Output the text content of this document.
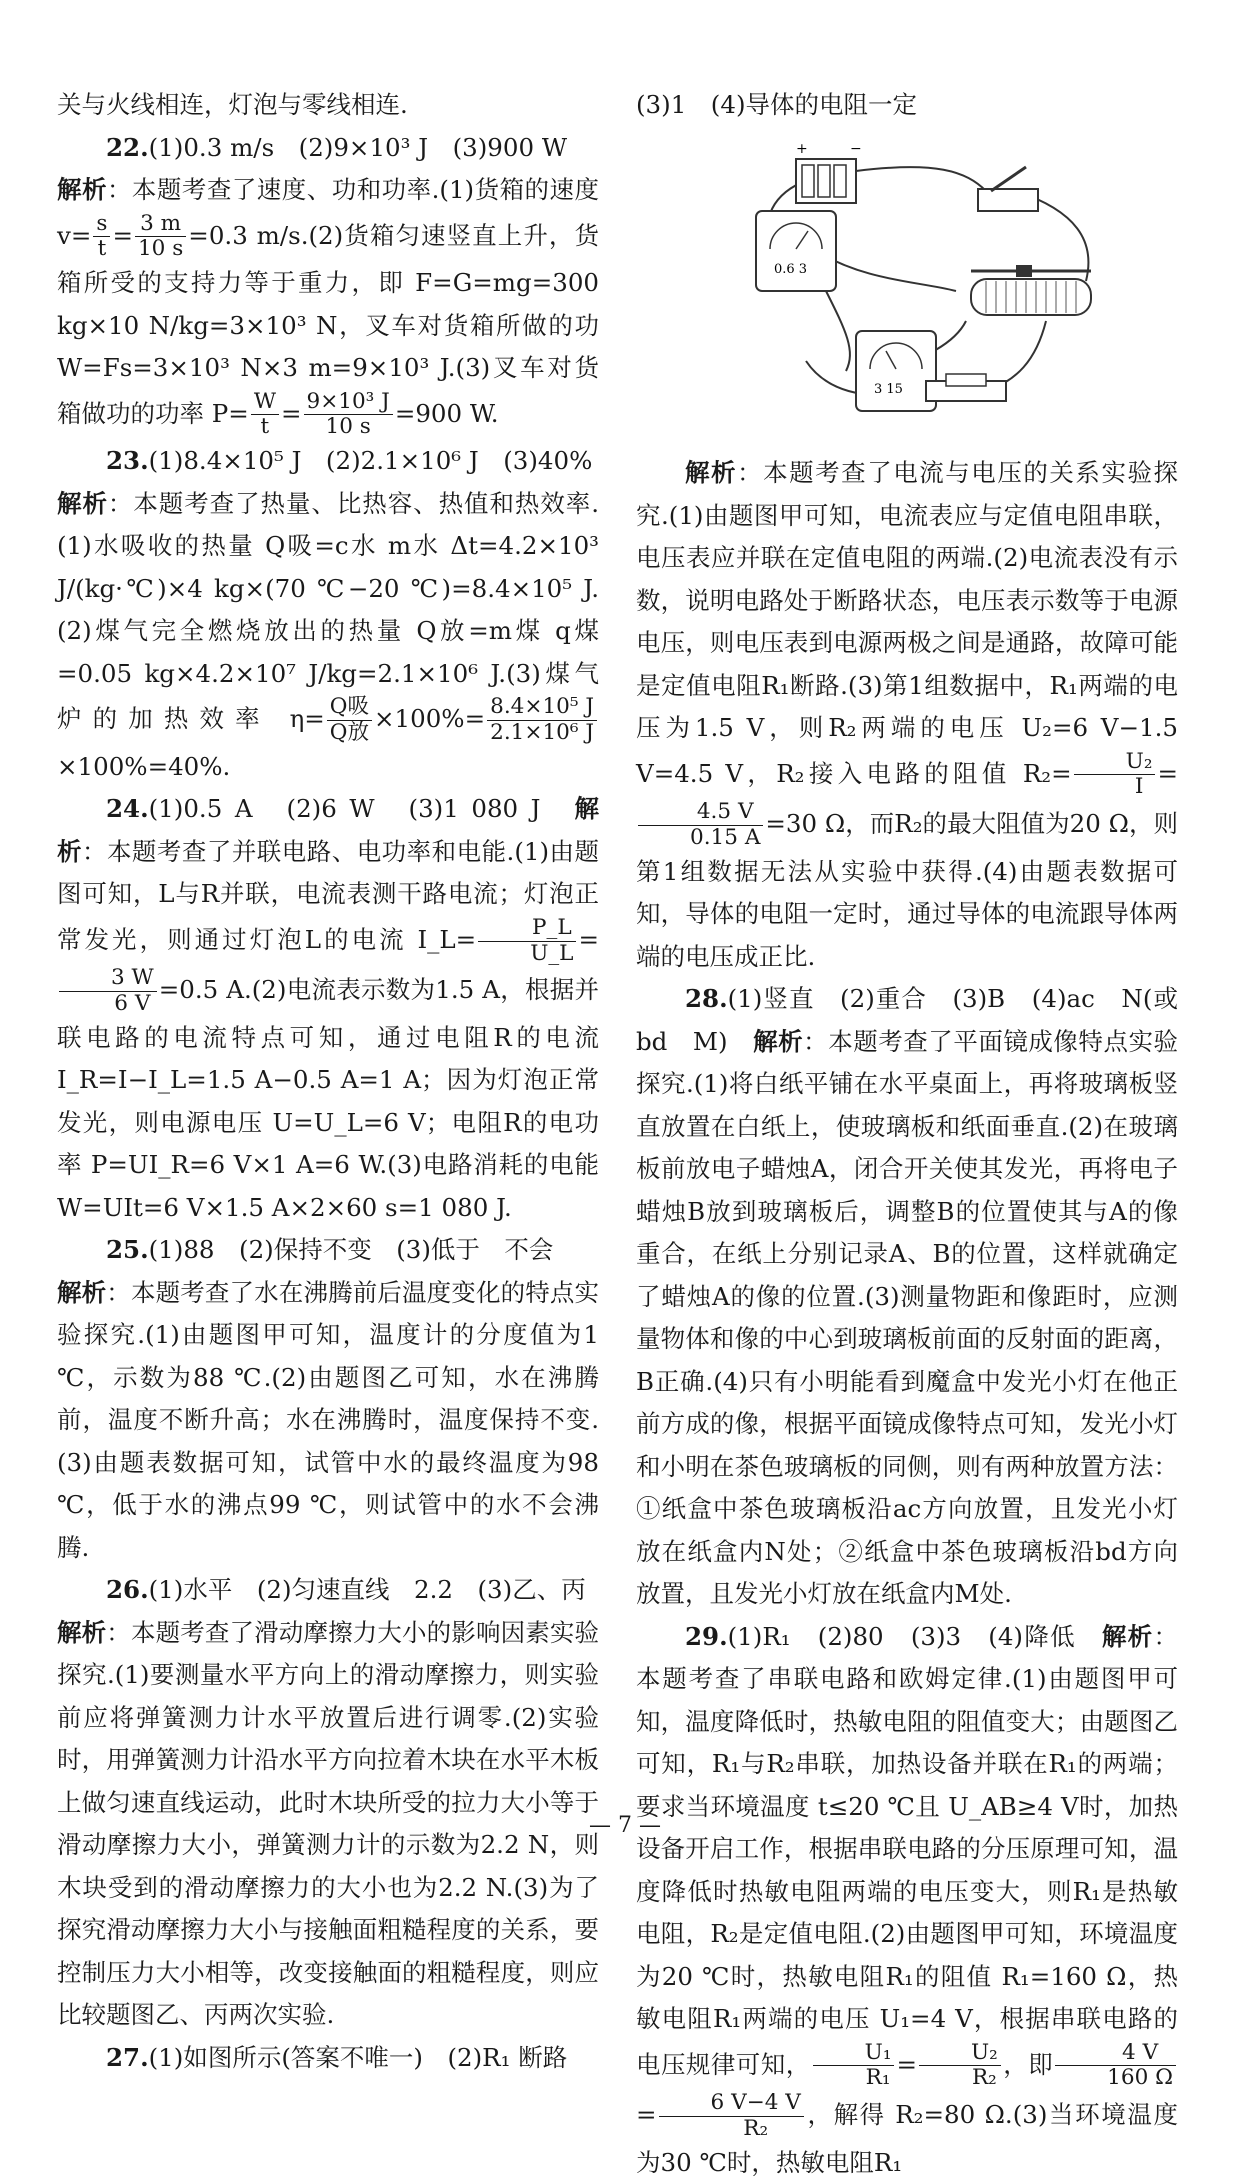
关与火线相连，灯泡与零线相连.

22.(1)0.3 m/s　(2)9×10³ J　(3)900 W

解析：本题考查了速度、功和功率.(1)货箱的速度 $v= \frac{s}{t} = \frac{3 m}{10 s} =0.3$ m/s.(2)货箱匀速竖直上升，货箱所受的支持力等于重力，即 F=G=mg=300 kg×10 N/kg=3×10³ N，叉车对货箱所做的功 W=Fs=3×10³ N×3 m=9×10³ J.(3)叉车对货箱做功的功率 $P= \frac{W}{t} = \frac{\text{9×10³ J}}{10 s} =900$ W.

23.(1)8.4×10⁵ J　(2)2.1×10⁶ J　(3)40%

解析：本题考查了热量、比热容、热值和热效率.(1)水吸收的热量 Q吸=c水 m水 Δt=4.2×10³ J/(kg·℃)×4 kg×(70 ℃−20 ℃)=8.4×10⁵ J.(2)煤气完全燃烧放出的热量 Q放=m煤 q煤=0.05 kg×4.2×10⁷ J/kg=2.1×10⁶ J.(3)煤气炉的加热效率 $\eta= \frac{\text{Q吸}}{\text{Q放}} \times 100\%= \frac{\text{8.4×10⁵ J}}{\text{2.1×10⁶ J}}$
×100%=40%.

24.(1)0.5 A　(2)6 W　(3)1 080 J　解析：本题考查了并联电路、电功率和电能.(1)由题图可知，L与R并联，电流表测干路电流；灯泡正常发光，则通过灯泡L的电流 I_L= $\frac{P\_L}{U\_L}$ =
$\frac{3 W}{6 V} =0.5$ A.(2)电流表示数为1.5 A，根据并联电路的电流特点可知，通过电阻R的电流 I_R=I−I_L=1.5 A−0.5 A=1 A；因为灯泡正常发光，则电源电压 U=U_L=6 V；电阻R的电功率 P=UI_R=6 V×1 A=6 W.(3)电路消耗的电能 W=UIt=6 V×1.5 A×2×60 s=1 080 J.

25.(1)88　(2)保持不变　(3)低于　不会

解析：本题考查了水在沸腾前后温度变化的特点实验探究.(1)由题图甲可知，温度计的分度值为1 ℃，示数为88 ℃.(2)由题图乙可知，水在沸腾前，温度不断升高；水在沸腾时，温度保持不变.(3)由题表数据可知，试管中水的最终温度为98 ℃，低于水的沸点99 ℃，则试管中的水不会沸腾.

26.(1)水平　(2)匀速直线　2.2　(3)乙、丙

解析：本题考查了滑动摩擦力大小的影响因素实验探究.(1)要测量水平方向上的滑动摩擦力，则实验前应将弹簧测力计水平放置后进行调零.(2)实验时，用弹簧测力计沿水平方向拉着木块在水平木板上做匀速直线运动，此时木块所受的拉力大小等于滑动摩擦力大小，弹簧测力计的示数为2.2 N，则木块受到的滑动摩擦力的大小也为2.2 N.(3)为了探究滑动摩擦力大小与接触面粗糙程度的关系，要控制压力大小相等，改变接触面的粗糙程度，则应比较题图乙、丙两次实验.

27.(1)如图所示(答案不唯一)　(2)R₁ 断路

(3)1　(4)导体的电阻一定

+	−
0.6 3
3 15

解析：本题考查了电流与电压的关系实验探究.(1)由题图甲可知，电流表应与定值电阻串联，电压表应并联在定值电阻的两端.(2)电流表没有示数，说明电路处于断路状态，电压表示数等于电源电压，则电压表到电源两极之间是通路，故障可能是定值电阻R₁断路.(3)第1组数据中，R₁两端的电压为1.5 V，则R₂两端的电压 U₂=6 V−1.5 V=4.5 V，R₂接入电路的阻值 $R_2= \frac{\text{U₂}}{I}$ =
$\frac{4.5 V}{0.15 A} =30$ Ω，而R₂的最大阻值为20 Ω，则第1组数据无法从实验中获得.(4)由题表数据可知，导体的电阻一定时，通过导体的电流跟导体两端的电压成正比.

28.(1)竖直　(2)重合　(3)B　(4)ac　N(或 bd　M)　解析：本题考查了平面镜成像特点实验探究.(1)将白纸平铺在水平桌面上，再将玻璃板竖直放置在白纸上，使玻璃板和纸面垂直.(2)在玻璃板前放电子蜡烛A，闭合开关使其发光，再将电子蜡烛B放到玻璃板后，调整B的位置使其与A的像重合，在纸上分别记录A、B的位置，这样就确定了蜡烛A的像的位置.(3)测量物距和像距时，应测量物体和像的中心到玻璃板前面的反射面的距离，B正确.(4)只有小明能看到魔盒中发光小灯在他正前方成的像，根据平面镜成像特点可知，发光小灯和小明在茶色玻璃板的同侧，则有两种放置方法：①纸盒中茶色玻璃板沿ac方向放置，且发光小灯放在纸盒内N处；②纸盒中茶色玻璃板沿bd方向放置，且发光小灯放在纸盒内M处.

29.(1)R₁　(2)80　(3)3　(4)降低　解析：本题考查了串联电路和欧姆定律.(1)由题图甲可知，温度降低时，热敏电阻的阻值变大；由题图乙可知，R₁与R₂串联，加热设备并联在R₁的两端；要求当环境温度 t≤20 ℃且 U_AB≥4 V时，加热设备开启工作，根据串联电路的分压原理可知，温度降低时热敏电阻两端的电压变大，则R₁是热敏电阻，R₂是定值电阻.(2)由题图甲可知，环境温度为20 ℃时，热敏电阻R₁的阻值 R₁=160 Ω，热敏电阻R₁两端的电压 U₁=4 V，根据串联电路的电压规律可知， $\frac{\text{U₁}}{\text{R₁}} = \frac{\text{U₂}}{\text{R₂}}$ ，即 $\frac{4 V}{160 \Omega}$
= $\frac{6 V-4 V}{\text{R₂}}$ ，解得 R₂=80 Ω.(3)当环境温度为30 ℃时，热敏电阻R₁

— 7 —
